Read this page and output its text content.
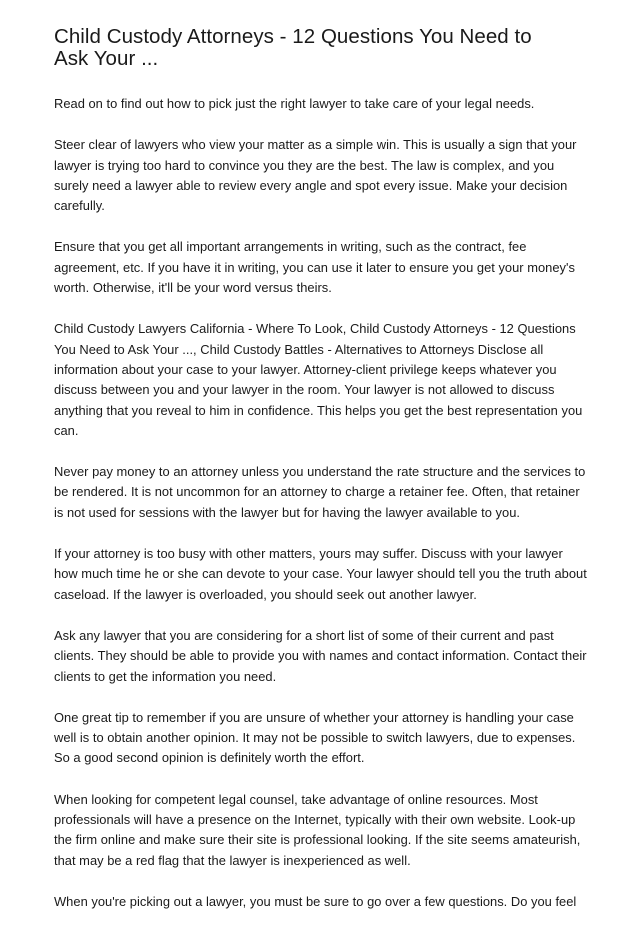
Child Custody Attorneys - 12 Questions You Need to Ask Your ...

Read on to find out how to pick just the right lawyer to take care of your legal needs.

Steer clear of lawyers who view your matter as a simple win. This is usually a sign that your lawyer is trying too hard to convince you they are the best. The law is complex, and you surely need a lawyer able to review every angle and spot every issue. Make your decision carefully.

Ensure that you get all important arrangements in writing, such as the contract, fee agreement, etc. If you have it in writing, you can use it later to ensure you get your money's worth. Otherwise, it'll be your word versus theirs.

Child Custody Lawyers California - Where To Look, Child Custody Attorneys - 12 Questions You Need to Ask Your ..., Child Custody Battles - Alternatives to Attorneys Disclose all information about your case to your lawyer. Attorney-client privilege keeps whatever you discuss between you and your lawyer in the room. Your lawyer is not allowed to discuss anything that you reveal to him in confidence. This helps you get the best representation you can.

Never pay money to an attorney unless you understand the rate structure and the services to be rendered. It is not uncommon for an attorney to charge a retainer fee. Often, that retainer is not used for sessions with the lawyer but for having the lawyer available to you.

If your attorney is too busy with other matters, yours may suffer. Discuss with your lawyer how much time he or she can devote to your case. Your lawyer should tell you the truth about caseload. If the lawyer is overloaded, you should seek out another lawyer.

Ask any lawyer that you are considering for a short list of some of their current and past clients. They should be able to provide you with names and contact information. Contact their clients to get the information you need.

One great tip to remember if you are unsure of whether your attorney is handling your case well is to obtain another opinion. It may not be possible to switch lawyers, due to expenses. So a good second opinion is definitely worth the effort.

When looking for competent legal counsel, take advantage of online resources. Most professionals will have a presence on the Internet, typically with their own website. Look-up the firm online and make sure their site is professional looking. If the site seems amateurish, that may be a red flag that the lawyer is inexperienced as well.

When you're picking out a lawyer, you must be sure to go over a few questions. Do you feel
